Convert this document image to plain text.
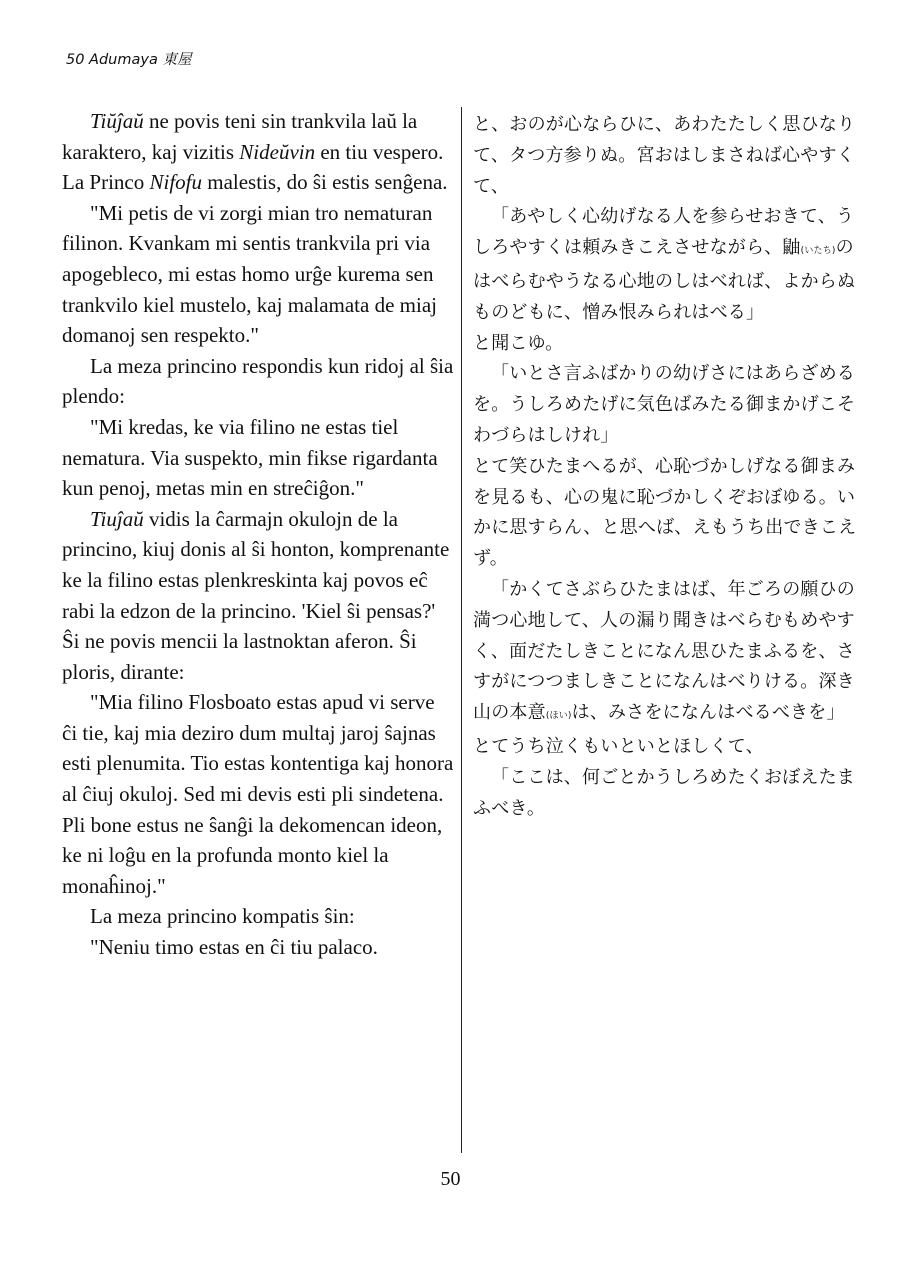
50 Adumaya 東屋

Tiŭĵaŭ ne povis teni sin trankvila laŭ la karaktero, kaj vizitis Nideŭvin en tiu vespero. La Princo Nifofu malestis, do ŝi estis senĝena.

"Mi petis de vi zorgi mian tro nematuran filinon. Kvankam mi sentis trankvila pri via apogebleco, mi estas homo urĝe kurema sen trankvilo kiel mustelo, kaj malamata de miaj domanoj sen respekto."

La meza princino respondis kun ridoj al ŝia plendo:

"Mi kredas, ke via filino ne estas tiel nematura. Via suspekto, min fikse rigardanta kun penoj, metas min en streĉiĝon."

Tiuĵaŭ vidis la ĉarmajn okulojn de la princino, kiuj donis al ŝi honton, komprenante ke la filino estas plenkreskinta kaj povos eĉ rabi la edzon de la princino. 'Kiel ŝi pensas?' Ŝi ne povis mencii la lastnoktan aferon. Ŝi ploris, dirante:

"Mia filino Flosboato estas apud vi serve ĉi tie, kaj mia deziro dum multaj jaroj ŝajnas esti plenumita. Tio estas kontentiga kaj honora al ĉiuj okuloj. Sed mi devis esti pli sindetena. Pli bone estus ne ŝanĝi la dekomencan ideon, ke ni loĝu en la profunda monto kiel la monaĥinoj."

La meza princino kompatis ŝin:

"Neniu timo estas en ĉi tiu palaco.

と、おのが心ならひに、あわたたしく思ひなりて、タつ方参りぬ。宮おはしまさねば心やすくて、

「あやしく心幼げなる人を参らせおきて、うしろやすくは頼みきこえさせながら、鼬(いたち)のはべらむやうなる心地のしはべれば、よからぬものどもに、憎み恨みられはべる」

と聞こゆ。

「いとさ言ふばかりの幼げさにはあらざめるを。うしろめたげに気色ばみたる御まかげこそわづらはしけれ」

とて笑ひたまへるが、心恥づかしげなる御まみを見るも、心の鬼に恥づかしくぞおぼゆる。いかに思すらん、と思へば、えもうち出できこえず。

「かくてさぶらひたまはば、年ごろの願ひの満つ心地して、人の漏り聞きはべらむもめやすく、面だたしきことになん思ひたまふるを、さすがにつつましきことになんはべりける。深き山の本意(ほい)は、みさをになんはべるべきを」

とてうち泣くもいといとほしくて、

「ここは、何ごとかうしろめたくおぼえたまふべき。

50
